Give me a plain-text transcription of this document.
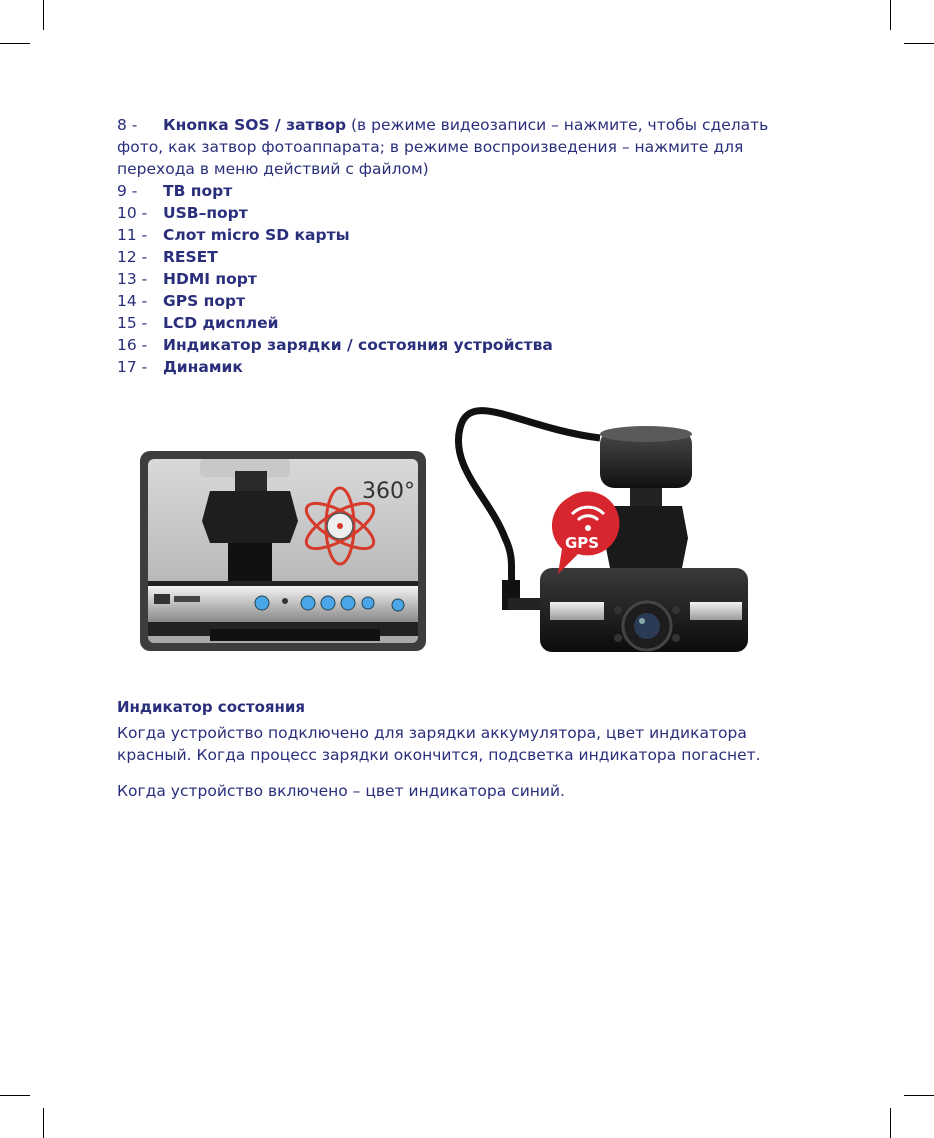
8 - Кнопка SOS / затвор (в режиме видеозаписи – нажмите, чтобы сделать фото, как затвор фотоаппарата; в режиме воспроизведения – нажмите для перехода в меню действий с файлом)
9 -	ТВ порт
10 -	USB–порт
11 -	Слот micro SD карты
12 -	RESET
13 -	HDMI порт
14 -	GPS порт
15 -	LCD дисплей
16 -	Индикатор зарядки / состояния устройства
17 -	Динамик
360°
GPS
Индикатор состояния
Когда устройство подключено для зарядки аккумулятора, цвет индикатора красный. Когда процесс зарядки окончится, подсветка индикатора погаснет.
Когда устройство включено – цвет индикатора синий.
